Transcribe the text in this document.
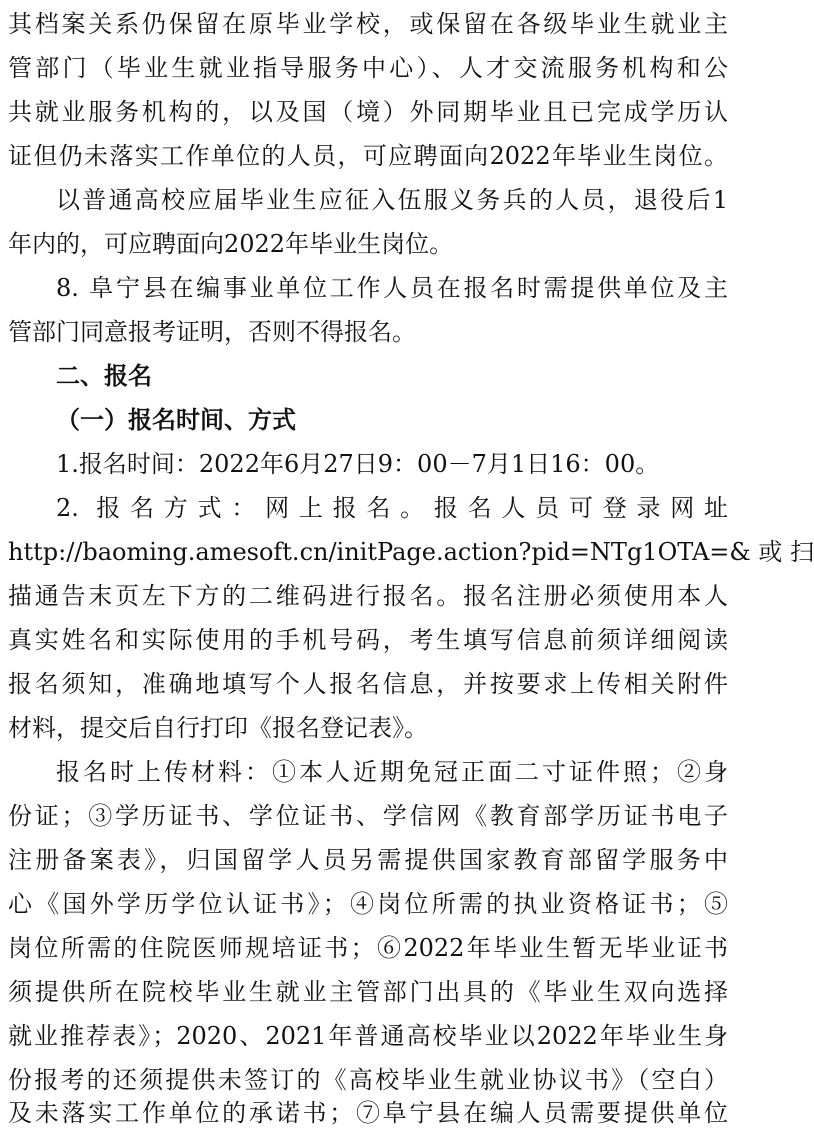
其档案关系仍保留在原毕业学校，或保留在各级毕业生就业主
管部门（毕业生就业指导服务中心）、人才交流服务机构和公
共就业服务机构的，以及国（境）外同期毕业且已完成学历认
证但仍未落实工作单位的人员，可应聘面向2022年毕业生岗位。
以普通高校应届毕业生应征入伍服义务兵的人员，退役后1
年内的，可应聘面向2022年毕业生岗位。
8. 阜宁县在编事业单位工作人员在报名时需提供单位及主
管部门同意报考证明，否则不得报名。
二、报名
（一）报名时间、方式
1.报名时间：2022年6月27日9：00－7月1日16：00。
2. 报名方式：网上报名。报名人员可登录网址
http://baoming.amesoft.cn/initPage.action?pid=NTg1OTA=& 或 扫
描通告末页左下方的二维码进行报名。报名注册必须使用本人
真实姓名和实际使用的手机号码，考生填写信息前须详细阅读
报名须知，准确地填写个人报名信息，并按要求上传相关附件
材料，提交后自行打印《报名登记表》。
报名时上传材料：①本人近期免冠正面二寸证件照；②身
份证；③学历证书、学位证书、学信网《教育部学历证书电子
注册备案表》，归国留学人员另需提供国家教育部留学服务中
心《国外学历学位认证书》；④岗位所需的执业资格证书；⑤
岗位所需的住院医师规培证书；⑥2022年毕业生暂无毕业证书
须提供所在院校毕业生就业主管部门出具的《毕业生双向选择
就业推荐表》；2020、2021年普通高校毕业以2022年毕业生身
份报考的还须提供未签订的《高校毕业生就业协议书》（空白）
及未落实工作单位的承诺书；⑦阜宁县在编人员需要提供单位
